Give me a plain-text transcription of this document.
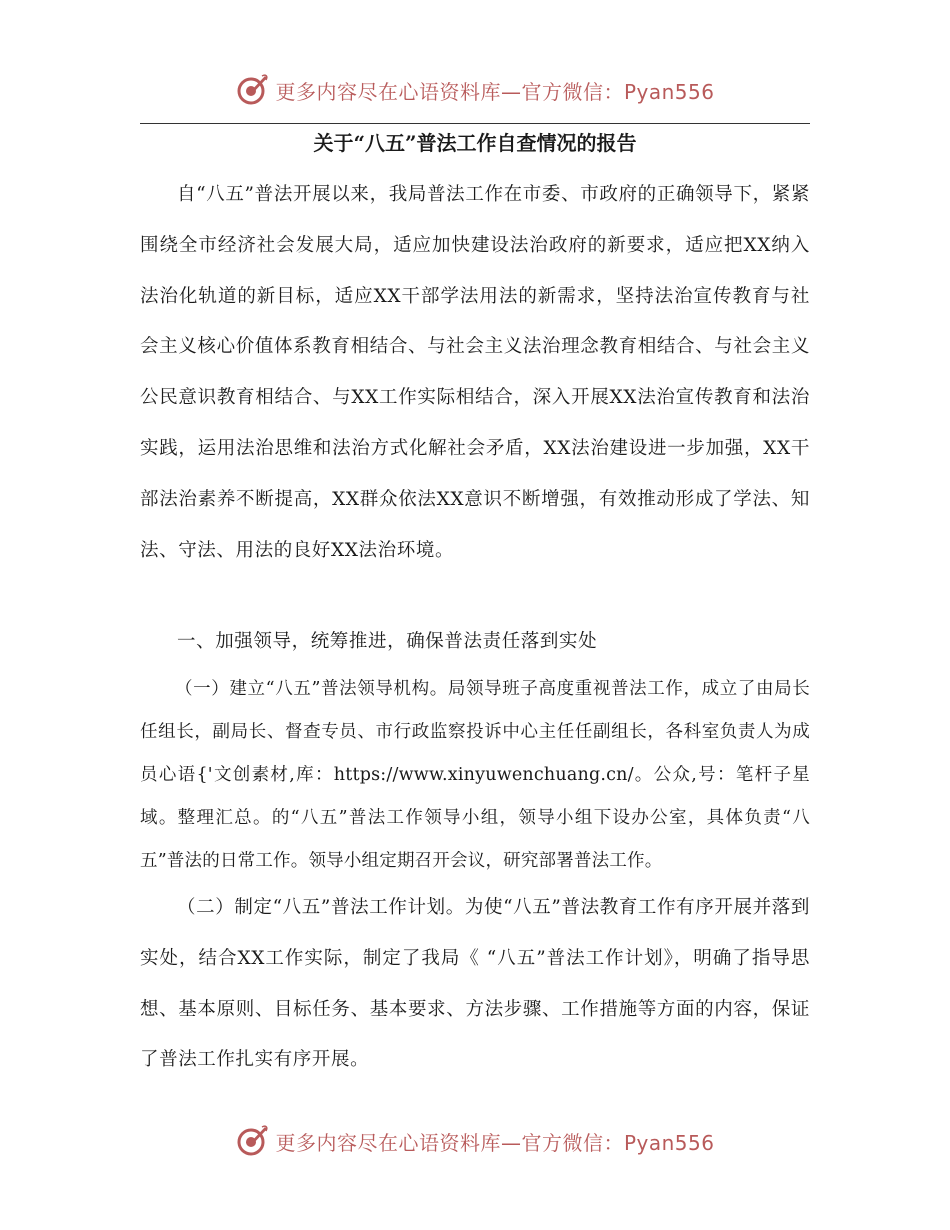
更多内容尽在心语资料库—官方微信：Pyan556
关于“八五”普法工作自查情况的报告

自“八五”普法开展以来，我局普法工作在市委、市政府的正确领导下，紧紧围绕全市经济社会发展大局，适应加快建设法治政府的新要求，适应把XX纳入法治化轨道的新目标，适应XX干部学法用法的新需求，坚持法治宣传教育与社会主义核心价值体系教育相结合、与社会主义法治理念教育相结合、与社会主义公民意识教育相结合、与XX工作实际相结合，深入开展XX法治宣传教育和法治实践，运用法治思维和法治方式化解社会矛盾，XX法治建设进一步加强，XX干部法治素养不断提高，XX群众依法XX意识不断增强，有效推动形成了学法、知法、守法、用法的良好XX法治环境。

一、加强领导，统筹推进，确保普法责任落到实处

（一）建立“八五”普法领导机构。局领导班子高度重视普法工作，成立了由局长任组长，副局长、督查专员、市行政监察投诉中心主任任副组长，各科室负责人为成员心语{'文创素材,库：https://www.xinyuwenchuang.cn/。公众,号：笔杆子星域。整理汇总。的“八五”普法工作领导小组，领导小组下设办公室，具体负责“八五”普法的日常工作。领导小组定期召开会议，研究部署普法工作。

（二）制定“八五”普法工作计划。为使“八五”普法教育工作有序开展并落到实处，结合XX工作实际，制定了我局《 “八五”普法工作计划》，明确了指导思想、基本原则、目标任务、基本要求、方法步骤、工作措施等方面的内容，保证了普法工作扎实有序开展。

更多内容尽在心语资料库—官方微信：Pyan556
